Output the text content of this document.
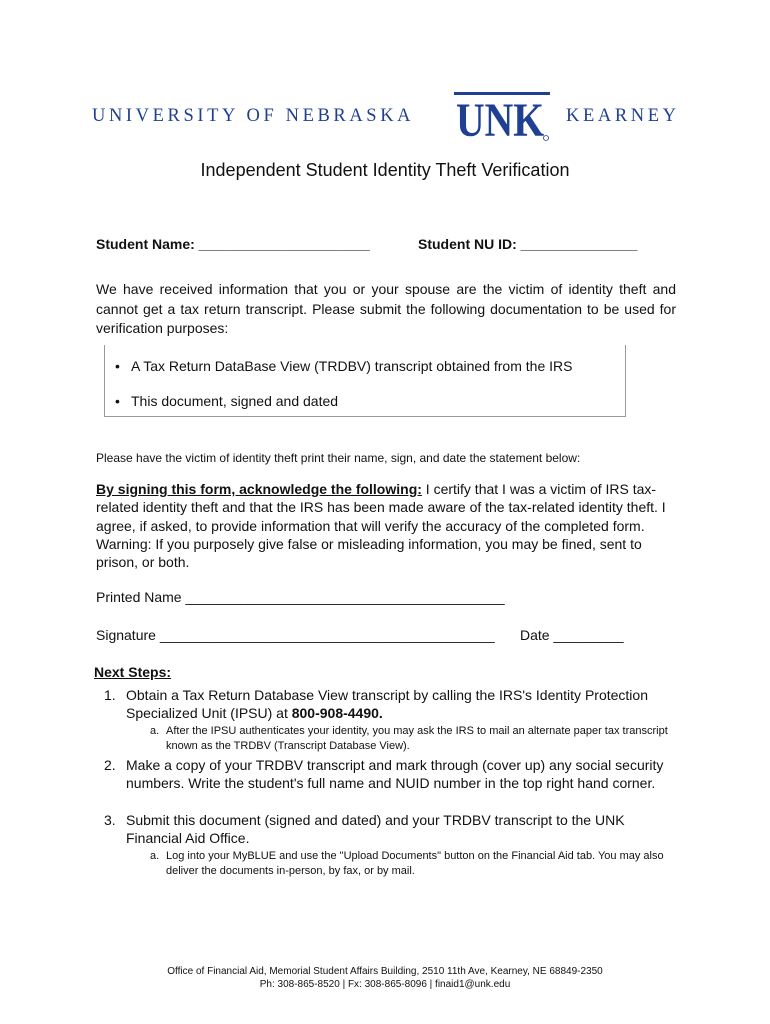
UNIVERSITY OF NEBRASKA UNK KEARNEY
Independent Student Identity Theft Verification
Student Name: ______________________	Student NU ID: _______________
We have received information that you or your spouse are the victim of identity theft and cannot get a tax return transcript. Please submit the following documentation to be used for verification purposes:
• A Tax Return DataBase View (TRDBV) transcript obtained from the IRS
• This document, signed and dated
Please have the victim of identity theft print their name, sign, and date the statement below:
By signing this form, acknowledge the following: I certify that I was a victim of IRS tax-related identity theft and that the IRS has been made aware of the tax-related identity theft. I agree, if asked, to provide information that will verify the accuracy of the completed form. Warning: If you purposely give false or misleading information, you may be fined, sent to prison, or both.
Printed Name _________________________________________
Signature ___________________________________________ Date _________
Next Steps:
1. Obtain a Tax Return Database View transcript by calling the IRS's Identity Protection Specialized Unit (IPSU) at 800-908-4490.
a. After the IPSU authenticates your identity, you may ask the IRS to mail an alternate paper tax transcript known as the TRDBV (Transcript Database View).
2. Make a copy of your TRDBV transcript and mark through (cover up) any social security numbers. Write the student's full name and NUID number in the top right hand corner.
3. Submit this document (signed and dated) and your TRDBV transcript to the UNK Financial Aid Office.
a. Log into your MyBLUE and use the "Upload Documents" button on the Financial Aid tab. You may also deliver the documents in-person, by fax, or by mail.
Office of Financial Aid, Memorial Student Affairs Building, 2510 11th Ave, Kearney, NE 68849-2350
Ph: 308-865-8520 | Fx: 308-865-8096 | finaid1@unk.edu
